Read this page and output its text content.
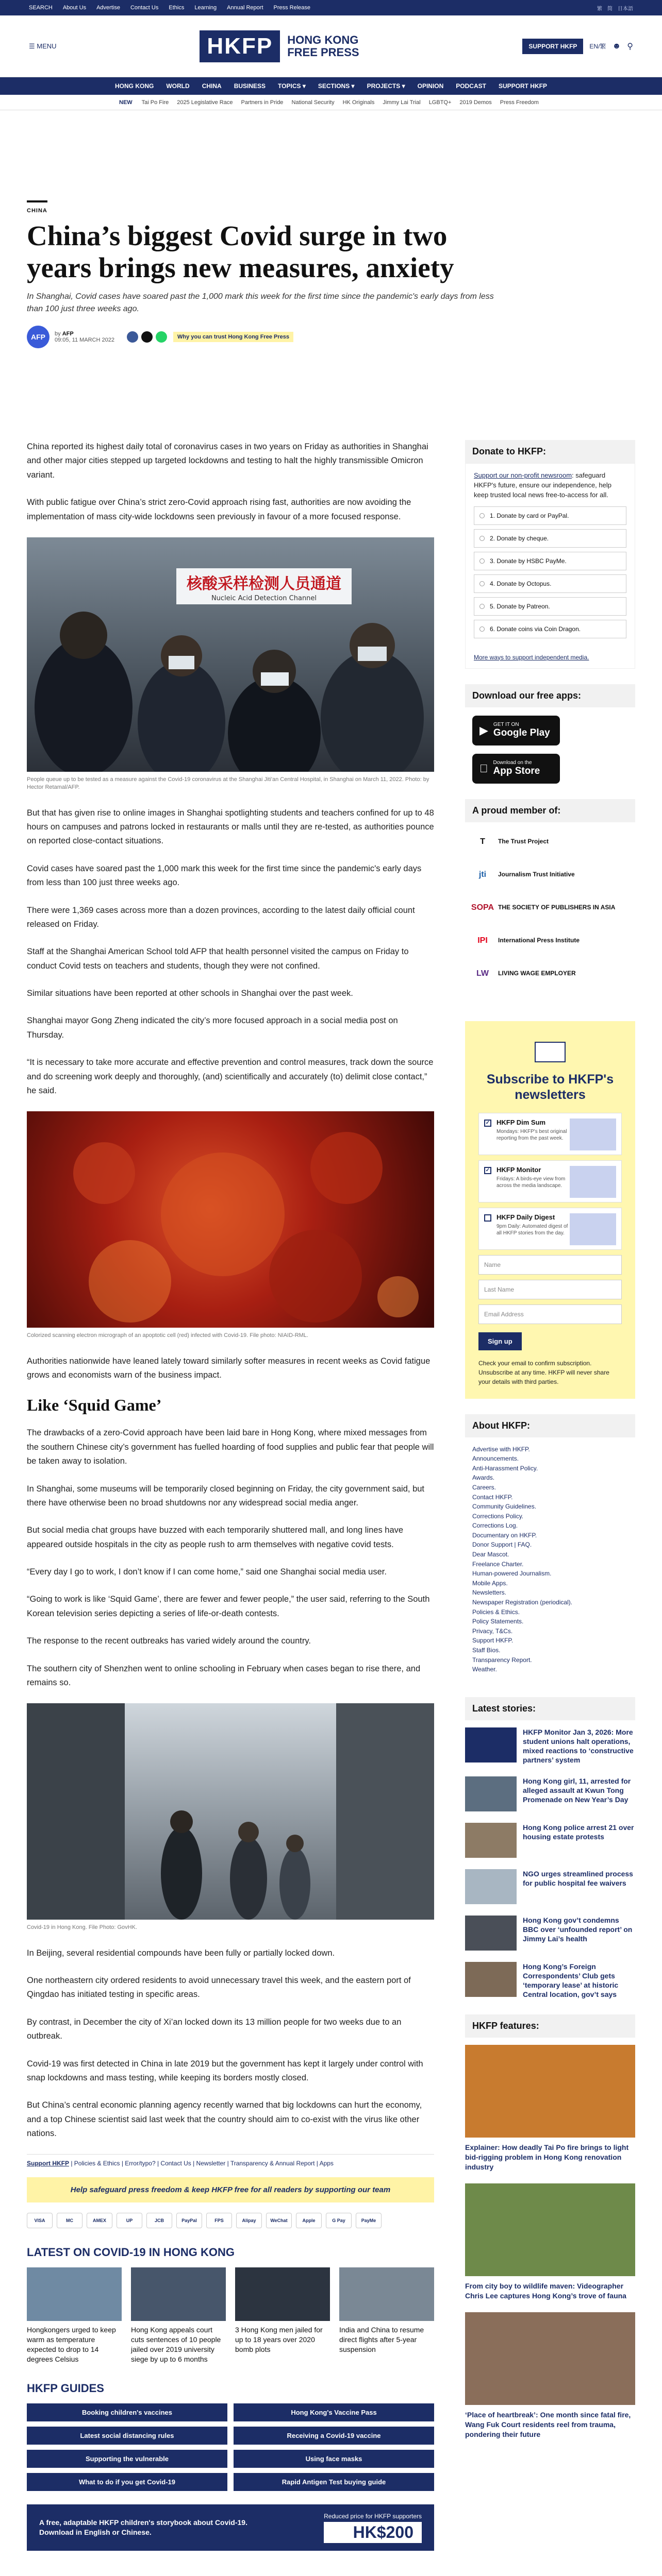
SEARCH About Us Advertise Contact Us Ethics Learning Annual Report Press Release	繁 简 日本語
☰ MENU	HKFP	HONG KONG
FREE PRESS	SUPPORT HKFP	EN/繁 ☻ ⚲
HONG KONG WORLD CHINA BUSINESS TOPICS ▾ SECTIONS ▾ PROJECTS ▾ OPINION PODCAST SUPPORT HKFP
NEW Tai Po Fire 2025 Legislative Race Partners in Pride National Security HK Originals Jimmy Lai Trial LGBTQ+ 2019 Demos Press Freedom
CHINA
China’s biggest Covid surge in two years brings new measures, anxiety
In Shanghai, Covid cases have soared past the 1,000 mark this week for the first time since the pandemic's early days from less than 100 just three weeks ago.
AFP	by AFP
09:05, 11 MARCH 2022	Why you can trust Hong Kong Free Press

China reported its highest daily total of coronavirus cases in two years on Friday as authorities in Shanghai and other major cities stepped up targeted lockdowns and testing to halt the highly transmissible Omicron variant.

With public fatigue over China’s strict zero-Covid approach rising fast, authorities are now avoiding the implementation of mass city-wide lockdowns seen previously in favour of a more focused response.

核酸采样检测人员通道
Nucleic Acid Detection Channel
People queue up to be tested as a measure against the Covid-19 coronavirus at the Shanghai Jiti'an Central Hospital, in Shanghai on March 11, 2022. Photo: by Hector Retamal/AFP.

But that has given rise to online images in Shanghai spotlighting students and teachers confined for up to 48 hours on campuses and patrons locked in restaurants or malls until they are re-tested, as authorities pounce on reported close-contact situations.

Covid cases have soared past the 1,000 mark this week for the first time since the pandemic's early days from less than 100 just three weeks ago.

There were 1,369 cases across more than a dozen provinces, according to the latest daily official count released on Friday.

Staff at the Shanghai American School told AFP that health personnel visited the campus on Friday to conduct Covid tests on teachers and students, though they were not confined.

Similar situations have been reported at other schools in Shanghai over the past week.

Shanghai mayor Gong Zheng indicated the city’s more focused approach in a social media post on Thursday.

“It is necessary to take more accurate and effective prevention and control measures, track down the source and do screening work deeply and thoroughly, (and) scientifically and accurately (to) delimit close contact,” he said.

Colorized scanning electron micrograph of an apoptotic cell (red) infected with Covid-19. File photo: NIAID-RML.

Authorities nationwide have leaned lately toward similarly softer measures in recent weeks as Covid fatigue grows and economists warn of the business impact.

Like ‘Squid Game’

The drawbacks of a zero-Covid approach have been laid bare in Hong Kong, where mixed messages from the southern Chinese city’s government has fuelled hoarding of food supplies and public fear that people will be taken away to isolation.

In Shanghai, some museums will be temporarily closed beginning on Friday, the city government said, but there have otherwise been no broad shutdowns nor any widespread social media anger.

But social media chat groups have buzzed with each temporarily shuttered mall, and long lines have appeared outside hospitals in the city as people rush to arm themselves with negative covid tests.

“Every day I go to work, I don’t know if I can come home,” said one Shanghai social media user.

“Going to work is like ‘Squid Game’, there are fewer and fewer people,” the user said, referring to the South Korean television series depicting a series of life-or-death contests.

The response to the recent outbreaks has varied widely around the country.

The southern city of Shenzhen went to online schooling in February when cases began to rise there, and remains so.

Covid-19 in Hong Kong. File Photo: GovHK.

In Beijing, several residential compounds have been fully or partially locked down.

One northeastern city ordered residents to avoid unnecessary travel this week, and the eastern port of Qingdao has initiated testing in specific areas.

By contrast, in December the city of Xi’an locked down its 13 million people for two weeks due to an outbreak.

Covid-19 was first detected in China in late 2019 but the government has kept it largely under control with snap lockdowns and mass testing, while keeping its borders mostly closed.

But China’s central economic planning agency recently warned that big lockdowns can hurt the economy, and a top Chinese scientist said last week that the country should aim to co-exist with the virus like other nations.

Support HKFP | Policies & Ethics | Error/typo? | Contact Us | Newsletter | Transparency & Annual Report | Apps
Help safeguard press freedom & keep HKFP free for all readers by supporting our team
VISA	MC	AMEX	UP	JCB	PayPal	FPS	Alipay	WeChat	Apple	G Pay	PayMe
LATEST ON COVID-19 IN HONG KONG
Hongkongers urged to keep warm as temperature expected to drop to 14 degrees Celsius
Hong Kong appeals court cuts sentences of 10 people jailed over 2019 university siege by up to 6 months
3 Hong Kong men jailed for up to 18 years over 2020 bomb plots
India and China to resume direct flights after 5-year suspension
HKFP GUIDES
Booking children's vaccines	Hong Kong's Vaccine Pass
Latest social distancing rules	Receiving a Covid-19 vaccine
Supporting the vulnerable	Using face masks
What to do if you get Covid-19	Rapid Antigen Test buying guide
A free, adaptable HKFP children's storybook about Covid-19. Download in English or Chinese.
Reduced price for HKFP supporters
HK$200
Donate to HKFP:
Support our non-profit newsroom: safeguard HKFP's future, ensure our independence, help keep trusted local news free-to-access for all.
1. Donate by card or PayPal.
2. Donate by cheque.
3. Donate by HSBC PayMe.
4. Donate by Octopus.
5. Donate by Patreon.
6. Donate coins via Coin Dragon.
More ways to support independent media.
Download our free apps:
▶ GET IT ON
Google Play
Download on the
App Store
A proud member of:
T	The Trust Project
jti	Journalism Trust Initiative
SOPA THE SOCIETY OF PUBLISHERS IN ASIA
IPI	International Press Institute
LW	LIVING WAGE EMPLOYER
Subscribe to HKFP's newsletters
✓ HKFP Dim Sum
Mondays: HKFP's best original reporting from the past week.
✓ HKFP Monitor
Fridays: A birds-eye view from across the media landscape.
HKFP Daily Digest
9pm Daily: Automated digest of all HKFP stories from the day.
Name
Last Name
Email Address
Sign up
Check your email to confirm subscription. Unsubscribe at any time. HKFP will never share your details with third parties.
About HKFP:
Advertise with HKFP.
Announcements.
Anti-Harassment Policy.
Awards.
Careers.
Contact HKFP.
Community Guidelines.
Corrections Policy.
Corrections Log.
Documentary on HKFP.
Donor Support | FAQ.
Dear Mascot.
Freelance Charter.
Human-powered Journalism.
Mobile Apps.
Newsletters.
Newspaper Registration (periodical).
Policies & Ethics.
Policy Statements.
Privacy, T&Cs.
Support HKFP.
Staff Bios.
Transparency Report.
Weather.
Latest stories:
HKFP Monitor Jan 3, 2026: More student unions halt operations, mixed reactions to ‘constructive partners’ system
Hong Kong girl, 11, arrested for alleged assault at Kwun Tong Promenade on New Year’s Day
Hong Kong police arrest 21 over housing estate protests
NGO urges streamlined process for public hospital fee waivers
Hong Kong gov’t condemns BBC over ‘unfounded report’ on Jimmy Lai’s health
Hong Kong’s Foreign Correspondents’ Club gets ‘temporary lease’ at historic Central location, gov’t says
HKFP features:
Explainer: How deadly Tai Po fire brings to light bid-rigging problem in Hong Kong renovation industry
From city boy to wildlife maven: Videographer Chris Lee captures Hong Kong’s trove of fauna
‘Place of heartbreak’: One month since fatal fire, Wang Fuk Court residents reel from trauma, pondering their future
